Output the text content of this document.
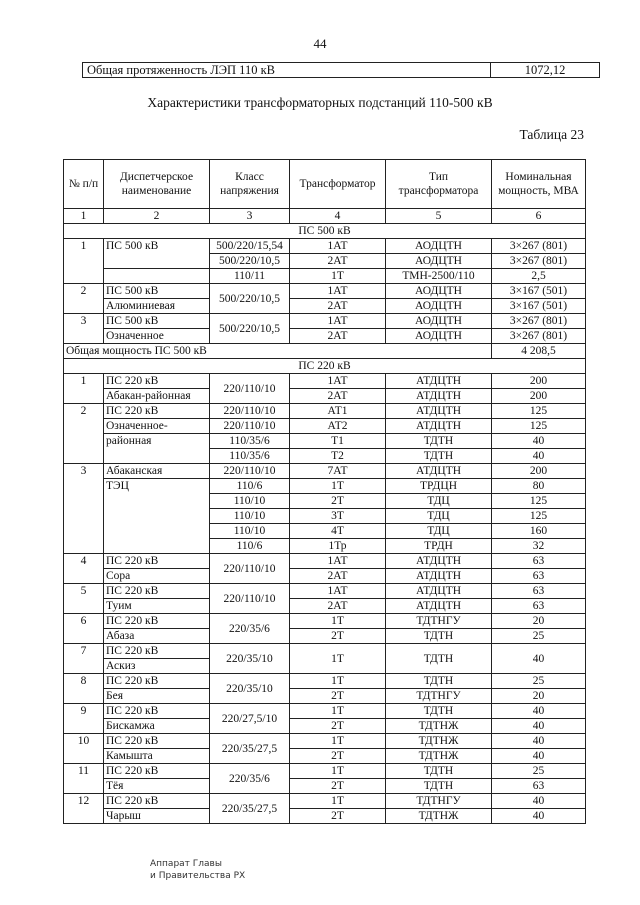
44
Общая протяженность ЛЭП 110 кВ	1072,12
Характеристики трансформаторных подстанций 110-500 кВ
Таблица 23
№ п/п	Диспетчерское наименование	Класс напряжения	Трансформатор	Тип трансформатора	Номинальная мощность, МВА
1	2	3	4	5	6
ПС 500 кВ					
1	ПС 500 кВ	500/220/15,54	1АТ	АОДЦТН	3×267 (801)
		500/220/10,5	2АТ	АОДЦТН	3×267 (801)
		110/11	1Т	ТМН-2500/110	2,5
2	ПС 500 кВ	500/220/10,5	1АТ	АОДЦТН	3×167 (501)
	Алюминиевая		2АТ	АОДЦТН	3×167 (501)
3	ПС 500 кВ	500/220/10,5	1АТ	АОДЦТН	3×267 (801)
	Означенное		2АТ	АОДЦТН	3×267 (801)
Общая мощность ПС 500 кВ					4 208,5
ПС 220 кВ					
1	ПС 220 кВ	220/110/10	1АТ	АТДЦТН	200
	Абакан-районная		2АТ	АТДЦТН	200
2	ПС 220 кВ	220/110/10	АТ1	АТДЦТН	125
	Означенное-	220/110/10	АТ2	АТДЦТН	125
	районная	110/35/6	Т1	ТДТН	40
		110/35/6	Т2	ТДТН	40
3	Абаканская	220/110/10	7АТ	АТДЦТН	200
	ТЭЦ	110/6	1Т	ТРДЦН	80
		110/10	2Т	ТДЦ	125
		110/10	3Т	ТДЦ	125
		110/10	4Т	ТДЦ	160
		110/6	1Тр	ТРДН	32
4	ПС 220 кВ	220/110/10	1АТ	АТДЦТН	63
	Сора		2АТ	АТДЦТН	63
5	ПС 220 кВ	220/110/10	1АТ	АТДЦТН	63
	Туим		2АТ	АТДЦТН	63
6	ПС 220 кВ	220/35/6	1Т	ТДТНГУ	20
	Абаза		2Т	ТДТН	25
7	ПС 220 кВ	220/35/10	1Т	ТДТН	40
	Аскиз				
8	ПС 220 кВ	220/35/10	1Т	ТДТН	25
	Бея		2Т	ТДТНГУ	20
9	ПС 220 кВ	220/27,5/10	1Т	ТДТН	40
	Бискамжа		2Т	ТДТНЖ	40
10	ПС 220 кВ	220/35/27,5	1Т	ТДТНЖ	40
	Камышта		2Т	ТДТНЖ	40
11	ПС 220 кВ	220/35/6	1Т	ТДТН	25
	Тёя		2Т	ТДТН	63
12	ПС 220 кВ	220/35/27,5	1Т	ТДТНГУ	40
	Чарыш		2Т	ТДТНЖ	40
Аппарат Главы
и Правительства РХ
